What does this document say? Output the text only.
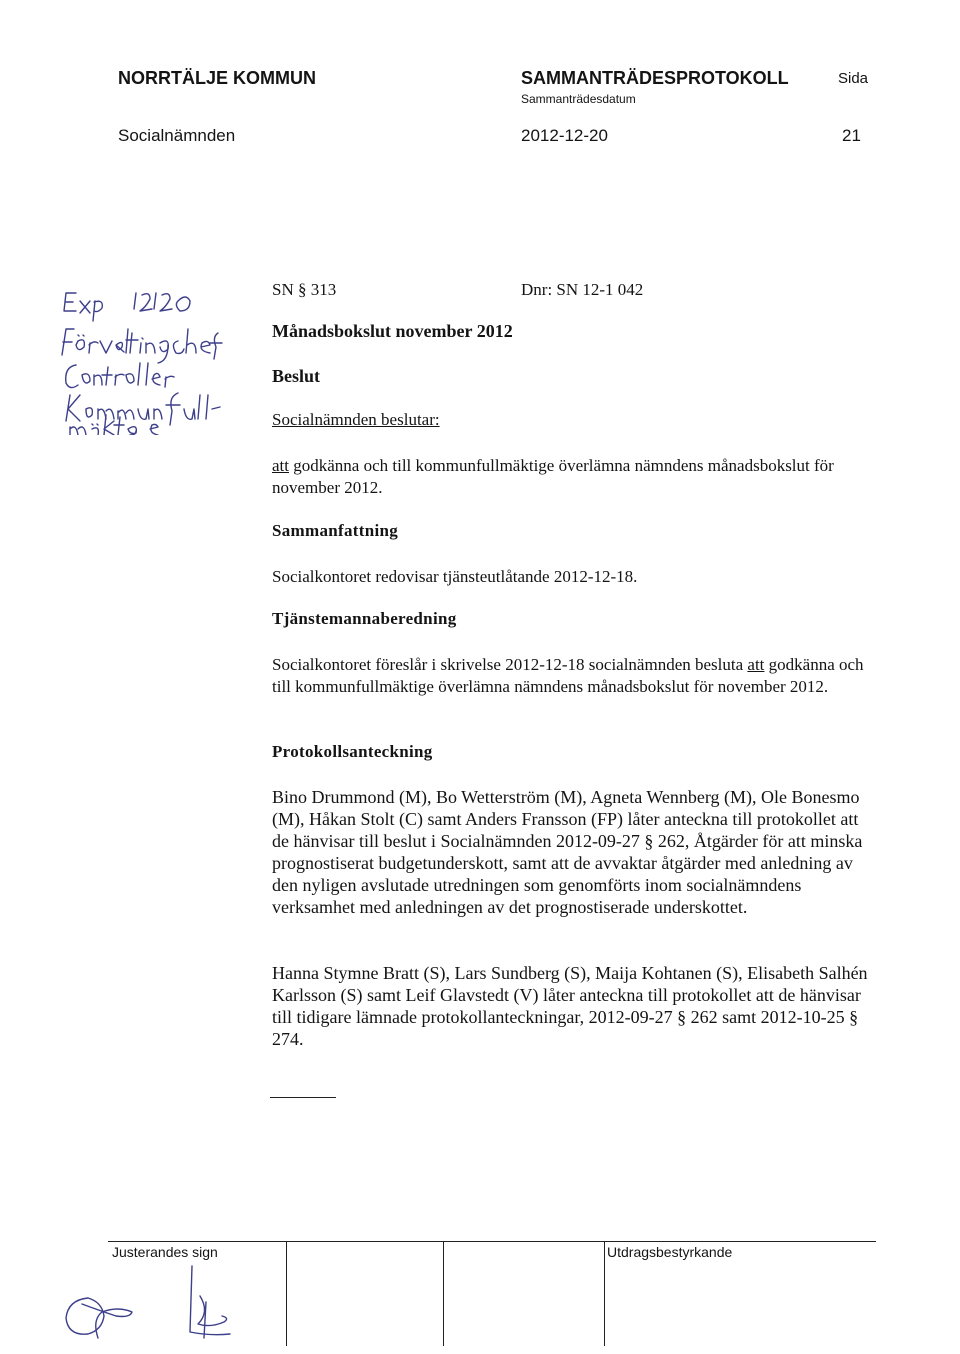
NORRTÄLJE KOMMUN	SAMMANTRÄDESPROTOKOLL
Sammanträdesdatum
Sida
Socialnämnden	2012-12-20	21
SN § 313	Dnr: SN 12-1 042
Månadsbokslut november 2012
Beslut
Socialnämnden beslutar:
att godkänna och till kommunfullmäktige överlämna nämndens månadsbokslut för november 2012.
Sammanfattning
Socialkontoret redovisar tjänsteutlåtande 2012-12-18.
Tjänstemannaberedning
Socialkontoret föreslår i skrivelse 2012-12-18 socialnämnden besluta att godkänna och till kommunfullmäktige överlämna nämndens månadsbokslut för november 2012.
Protokollsanteckning
Bino Drummond (M), Bo Wetterström (M), Agneta Wennberg (M), Ole Bonesmo (M), Håkan Stolt (C) samt Anders Fransson (FP) låter anteckna till protokollet att de hänvisar till beslut i Socialnämnden 2012-09-27 § 262, Åtgärder för att minska prognostiserat budgetunderskott, samt att de avvaktar åtgärder med anledning av den nyligen avslutade utredningen som genomförts inom socialnämndens verksamhet med anledningen av det prognostiserade underskottet.
Hanna Stymne Bratt (S), Lars Sundberg (S), Maija Kohtanen (S), Elisabeth Salhén Karlsson (S) samt Leif Glavstedt (V) låter anteckna till protokollet att de hänvisar till tidigare lämnade protokollanteckningar, 2012-09-27 § 262 samt 2012-10-25 § 274.
Justerandes sign	Utdragsbestyrkande
